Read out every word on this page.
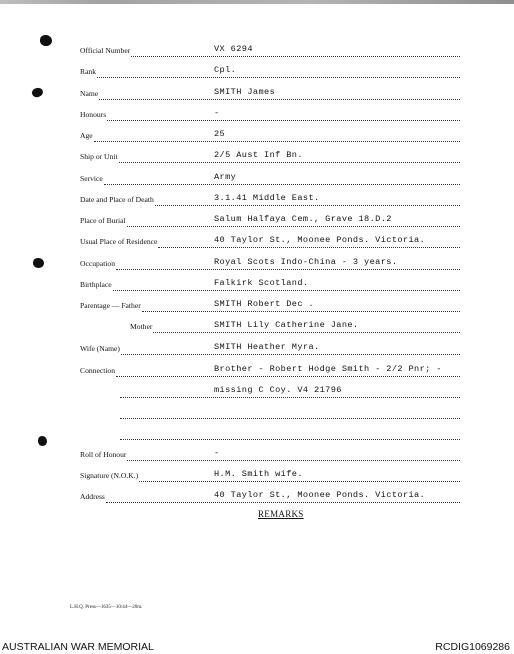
Official Number	VX 6294
Rank	Cpl.
Name	SMITH James
Honours	-
Age	25
Ship or Unit	2/5 Aust Inf Bn.
Service	Army
Date and Place of Death	3.1.41 Middle East.
Place of Burial	Salum Halfaya Cem., Grave 18.D.2
Usual Place of Residence	40 Taylor St., Moonee Ponds. Victoria.
Occupation	Royal Scots Indo-China - 3 years.
Birthplace	Falkirk Scotland.
Parentage — Father	SMITH Robert Dec .
Mother	SMITH Lily Catherine Jane.
Wife (Name)	SMITH Heather Myra.
Connection	Brother - Robert Hodge Smith - 2/2 Pnr; -
missing C Coy. V4 21796
Roll of Honour	-
Signature (N.O.K.)	H.M. Smith wife.
Address	40 Taylor St., Moonee Ponds. Victoria.
REMARKS
L.H.Q. Press—1635—10/44—20m.
AUSTRALIAN WAR MEMORIAL	RCDIG1069286
